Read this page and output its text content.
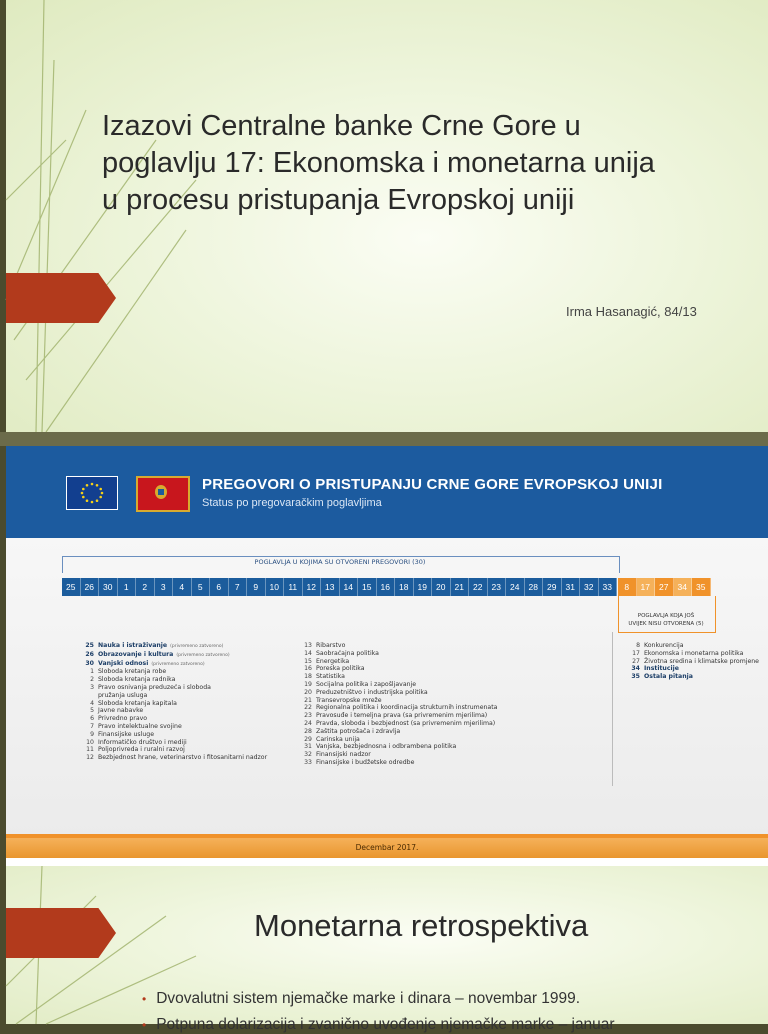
Izazovi Centralne banke Crne Gore u
poglavlju 17: Ekonomska i monetarna unija
u procesu pristupanja Evropskoj uniji
Irma Hasanagić, 84/13
PREGOVORI O PRISTUPANJU CRNE GORE EVROPSKOJ UNIJI
Status po pregovaračkim poglavljima
POGLAVLJA U KOJIMA SU OTVORENI PREGOVORI (30)
25	26	30	1	2	3	4	5	6	7	9	10	11	12	13	14	15	16	18	19	20	21	22	23	24	28	29	31	32	33	8	17	27	34	35
POGLAVLJA KOJA JOŠ
UVIJEK NISU OTVORENA (5)
25 Nauka i istraživanje (privremeno zatvoreno)
26 Obrazovanje i kultura (privremeno zatvoreno)
30 Vanjski odnosi (privremeno zatvoreno)
1 Sloboda kretanja robe
2 Sloboda kretanja radnika
3 Pravo osnivanja preduzeća i sloboda
pružanja usluga
4 Sloboda kretanja kapitala
5 Javne nabavke
6 Privredno pravo
7 Pravo intelektualne svojine
9 Finansijske usluge
10 Informatičko društvo i mediji
11 Poljoprivreda i ruralni razvoj
12 Bezbjednost hrane, veterinarstvo i fitosanitarni nadzor
13 Ribarstvo
14 Saobraćajna politika
15 Energetika
16 Poreska politika
18 Statistika
19 Socijalna politika i zapošljavanje
20 Preduzetništvo i industrijska politika
21 Transevropske mreže
22 Regionalna politika i koordinacija strukturnih instrumenata
23 Pravosuđe i temeljna prava (sa privremenim mjerilima)
24 Pravda, sloboda i bezbjednost (sa privremenim mjerilima)
28 Zaštita potrošača i zdravlja
29 Carinska unija
31 Vanjska, bezbjednosna i odbrambena politika
32 Finansijski nadzor
33 Finansijske i budžetske odredbe
8 Konkurencija
17 Ekonomska i monetarna politika
27 Životna sredina i klimatske promjene
34 Institucije
35 Ostala pitanja
Decembar 2017.
Monetarna retrospektiva
• Dvovalutni sistem njemačke marke i dinara – novembar 1999.
• Potpuna dolarizacija i zvanično uvođenje njemačke marke – januar
